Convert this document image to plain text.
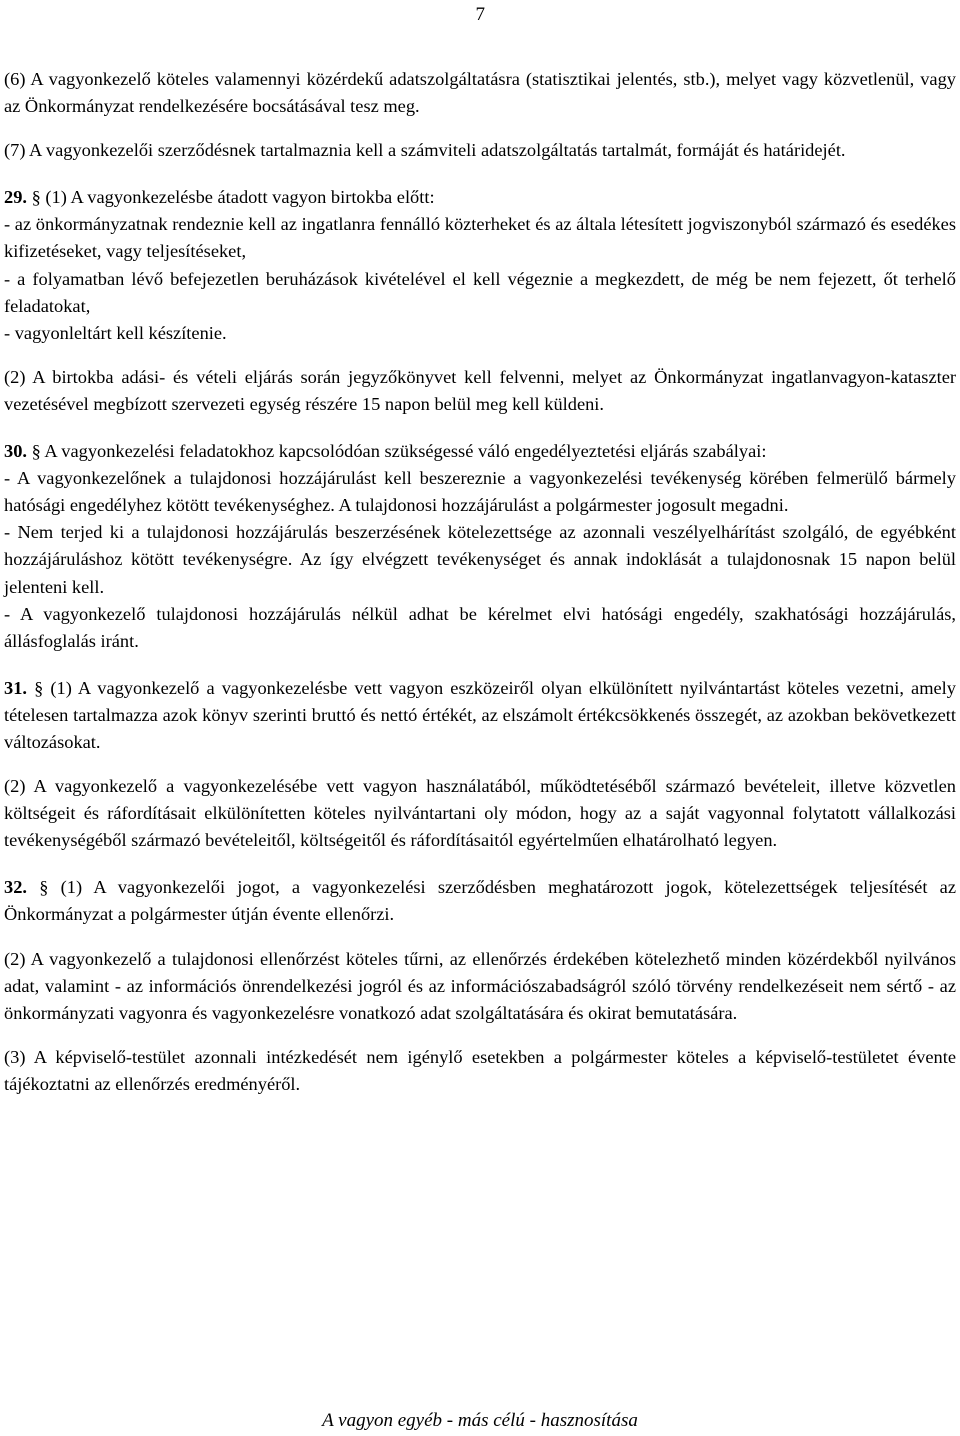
7

(6) A vagyonkezelő köteles valamennyi közérdekű adatszolgáltatásra (statisztikai jelentés, stb.), melyet vagy közvetlenül, vagy az Önkormányzat rendelkezésére bocsátásával tesz meg.

(7) A vagyonkezelői szerződésnek tartalmaznia kell a számviteli adatszolgáltatás tartalmát, formáját és határidejét.

29. § (1) A vagyonkezelésbe átadott vagyon birtokba előtt:

- az önkormányzatnak rendeznie kell az ingatlanra fennálló közterheket és az általa létesített jogviszonyból származó és esedékes kifizetéseket, vagy teljesítéseket,

- a folyamatban lévő befejezetlen beruházások kivételével el kell végeznie a megkezdett, de még be nem fejezett, őt terhelő feladatokat,

- vagyonleltárt kell készítenie.

(2) A birtokba adási- és vételi eljárás során jegyzőkönyvet kell felvenni, melyet az Önkormányzat ingatlanvagyon-kataszter vezetésével megbízott szervezeti egység részére 15 napon belül meg kell küldeni.

30. § A vagyonkezelési feladatokhoz kapcsolódóan szükségessé váló engedélyeztetési eljárás szabályai:

- A vagyonkezelőnek a tulajdonosi hozzájárulást kell beszereznie a vagyonkezelési tevékenység körében felmerülő bármely hatósági engedélyhez kötött tevékenységhez. A tulajdonosi hozzájárulást a polgármester jogosult megadni.

- Nem terjed ki a tulajdonosi hozzájárulás beszerzésének kötelezettsége az azonnali veszélyelhárítást szolgáló, de egyébként hozzájáruláshoz kötött tevékenységre. Az így elvégzett tevékenységet és annak indoklását a tulajdonosnak 15 napon belül jelenteni kell.

- A vagyonkezelő tulajdonosi hozzájárulás nélkül adhat be kérelmet elvi hatósági engedély, szakhatósági hozzájárulás, állásfoglalás iránt.

31. § (1) A vagyonkezelő a vagyonkezelésbe vett vagyon eszközeiről olyan elkülönített nyilvántartást köteles vezetni, amely tételesen tartalmazza azok könyv szerinti bruttó és nettó értékét, az elszámolt értékcsökkenés összegét, az azokban bekövetkezett változásokat.

(2) A vagyonkezelő a vagyonkezelésébe vett vagyon használatából, működtetéséből származó bevételeit, illetve közvetlen költségeit és ráfordításait elkülönítetten köteles nyilvántartani oly módon, hogy az a saját vagyonnal folytatott vállalkozási tevékenységéből származó bevételeitől, költségeitől és ráfordításaitól egyértelműen elhatárolható legyen.

32. § (1) A vagyonkezelői jogot, a vagyonkezelési szerződésben meghatározott jogok, kötelezettségek teljesítését az Önkormányzat a polgármester útján évente ellenőrzi.

(2) A vagyonkezelő a tulajdonosi ellenőrzést köteles tűrni, az ellenőrzés érdekében kötelezhető minden közérdekből nyilvános adat, valamint - az információs önrendelkezési jogról és az információszabadságról szóló törvény rendelkezéseit nem sértő - az önkormányzati vagyonra és vagyonkezelésre vonatkozó adat szolgáltatására és okirat bemutatására.

(3) A képviselő-testület azonnali intézkedését nem igénylő esetekben a polgármester köteles a képviselő-testületet évente tájékoztatni az ellenőrzés eredményéről.

A vagyon egyéb - más célú - hasznosítása
